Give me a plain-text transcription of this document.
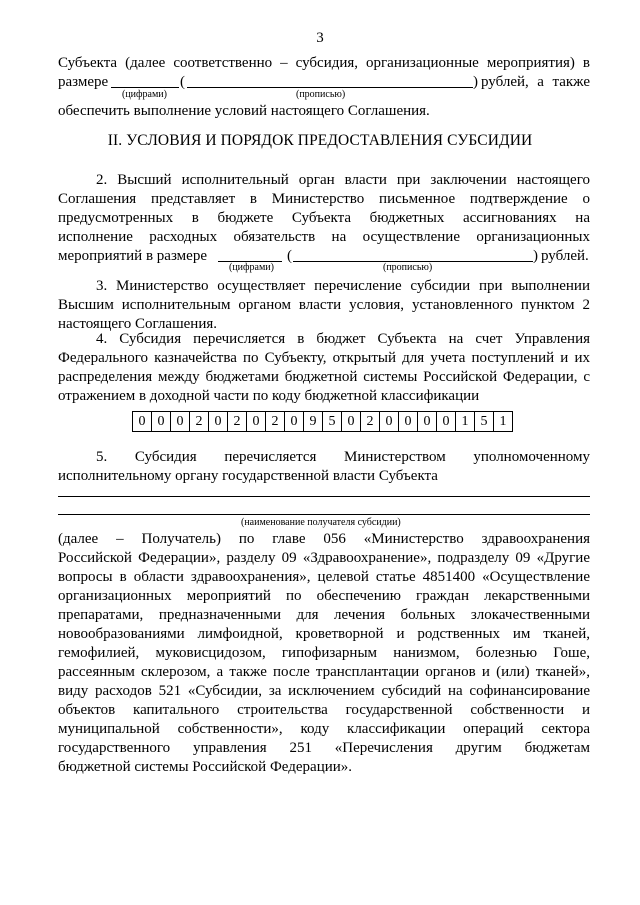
3
Субъекта (далее соответственно – субсидия, организационные мероприятия) в
размере	(	) рублей, а также
(цифрами)	(прописью)
обеспечить выполнение условий настоящего Соглашения.
II. УСЛОВИЯ И ПОРЯДОК ПРЕДОСТАВЛЕНИЯ СУБСИДИИ
2. Высший исполнительный орган власти при заключении настоящего
Соглашения представляет в Министерство письменное подтверждение о
предусмотренных в бюджете Субъекта бюджетных ассигнованиях на
исполнение расходных обязательств на осуществление организационных
мероприятий в размере	(	) рублей.
(цифрами)	(прописью)
3. Министерство осуществляет перечисление субсидии при выполнении
Высшим исполнительным органом власти условия, установленного пунктом 2
настоящего Соглашения.
4. Субсидия перечисляется в бюджет Субъекта на счет Управления
Федерального казначейства по Субъекту, открытый для учета поступлений и их
распределения между бюджетами бюджетной системы Российской Федерации, с
отражением в доходной части по коду бюджетной классификации
0 0 0 2 0 2 0 2 0 9 5 0 2 0 0 0 0 1 5 1
5. Субсидия перечисляется Министерством уполномоченному
исполнительному органу государственной власти Субъекта
(наименование получателя субсидии)
(далее – Получатель) по главе 056 «Министерство здравоохранения
Российской Федерации», разделу 09 «Здравоохранение», подразделу 09 «Другие
вопросы в области здравоохранения», целевой статье 4851400 «Осуществление
организационных мероприятий по обеспечению граждан лекарственными
препаратами, предназначенными для лечения больных злокачественными
новообразованиями лимфоидной, кроветворной и родственных им тканей,
гемофилией, муковисцидозом, гипофизарным нанизмом, болезнью Гоше,
рассеянным склерозом, а также после трансплантации органов и (или) тканей»,
виду расходов 521 «Субсидии, за исключением субсидий на софинансирование
объектов капитального строительства государственной собственности и
муниципальной собственности», коду классификации операций сектора
государственного управления 251 «Перечисления другим бюджетам
бюджетной системы Российской Федерации».
